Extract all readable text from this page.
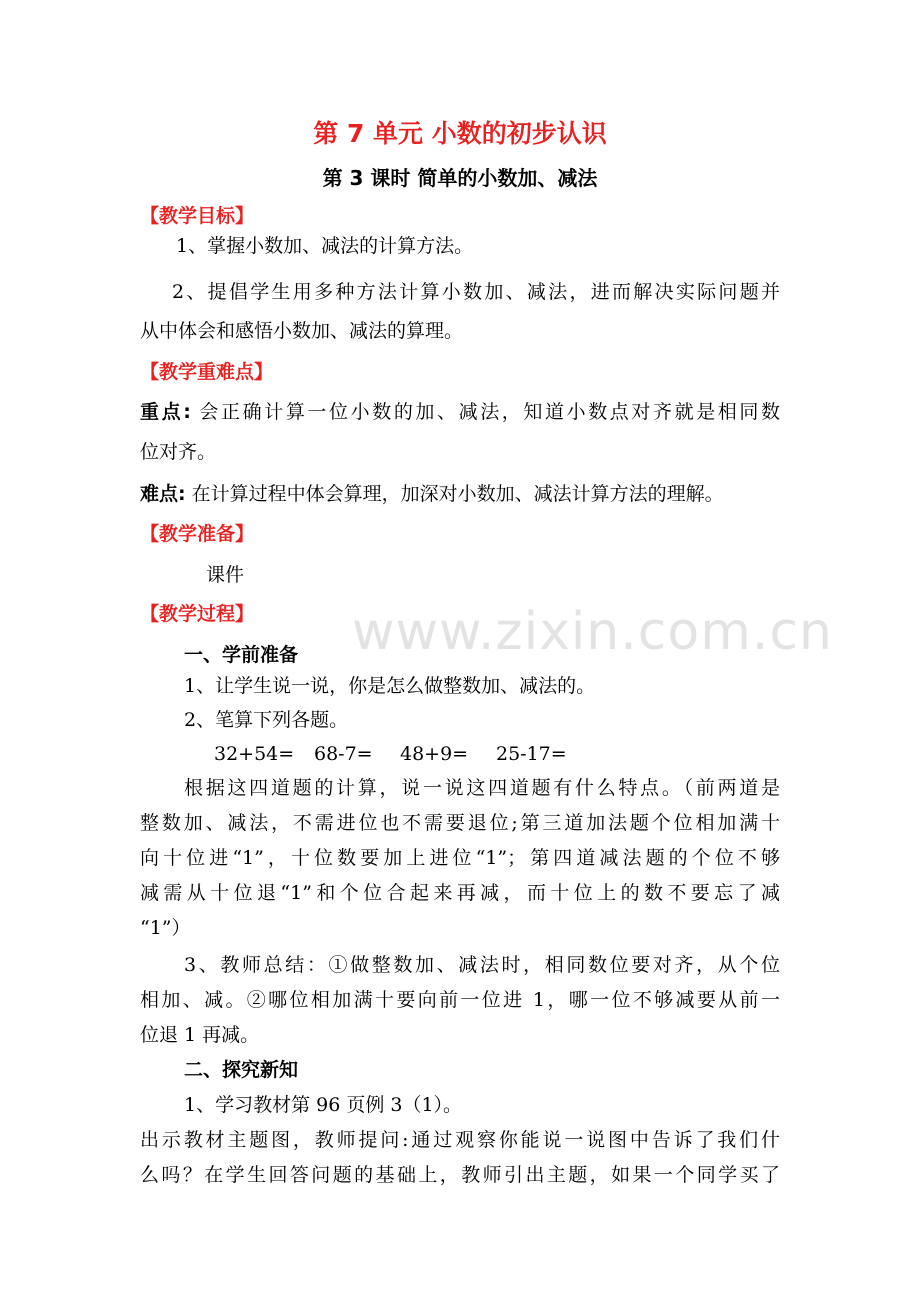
www.zixin.com.cn
第 7 单元 小数的初步认识
第 3 课时 简单的小数加、减法
【教学目标】
1、掌握小数加、减法的计算方法。
2、提倡学生用多种方法计算小数加、减法，进而解决实际问题并
从中体会和感悟小数加、减法的算理。
【教学重难点】
重点: 会正确计算一位小数的加、减法，知道小数点对齐就是相同数
位对齐。
难点: 在计算过程中体会算理，加深对小数加、减法计算方法的理解。
【教学准备】
课件
【教学过程】
一、学前准备
1、让学生说一说，你是怎么做整数加、减法的。
2、笔算下列各题。
32+54= 68-7= 48+9= 25-17=
根据这四道题的计算，说一说这四道题有什么特点。（前两道是
整数加、减法，不需进位也不需要退位;第三道加法题个位相加满十
向十位进“1”，十位数要加上进位“1”；第四道减法题的个位不够
减需从十位退“1”和个位合起来再减，而十位上的数不要忘了减
“1”）
3、教师总结：①做整数加、减法时，相同数位要对齐，从个位
相加、减。②哪位相加满十要向前一位进 1，哪一位不够减要从前一
位退 1 再减。
二、探究新知
1、学习教材第 96 页例 3（1）。
出示教材主题图，教师提问:通过观察你能说一说图中告诉了我们什
么吗？在学生回答问题的基础上，教师引出主题，如果一个同学买了
